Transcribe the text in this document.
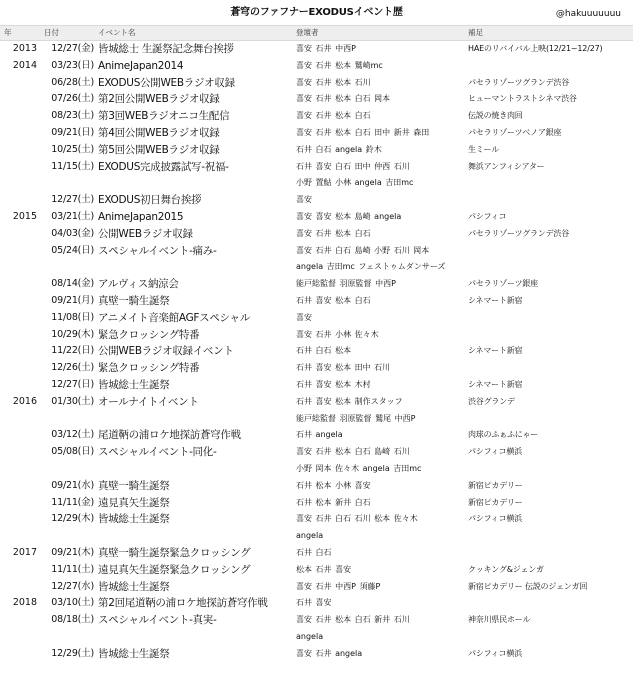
蒼穹のファフナーEXODUSイベント歴	@hakuuuuuuu
年	日付	イベント名	登壇者	補足
2013	12/27(金) 皆城総士 生誕祭記念舞台挨拶	喜安 石井 中西P	HAEのリバイバル上映(12/21~12/27)
2014	03/23(日) AnimeJapan2014	喜安 石井 松本 鷲崎mc
06/28(土) EXODUS公開WEBラジオ収録	喜安 石井 松本 石川	パセラリゾーツグランデ渋谷
07/26(土) 第2回公開WEBラジオ収録	喜安 石井 松本 白石 岡本	ヒューマントラストシネマ渋谷
08/23(土) 第3回WEBラジオニコ生配信	喜安 石井 松本 白石	伝説の焼き肉回
09/21(日) 第4回公開WEBラジオ収録	喜安 石井 松本 白石 田中 新井 森田	パセラリゾーツベノア銀座
10/25(土) 第5回公開WEBラジオ収録	石井 白石 angela 鈴木	生ミール
11/15(土) EXODUS完成披露試写-祝福-	石井 喜安 白石 田中 仲西 石川	舞浜アンフィシアター
小野 置鮎 小林 angela 吉田mc
12/27(土) EXODUS初日舞台挨拶	喜安
2015	03/21(土) AnimeJapan2015	喜安 喜安 松本 島崎 angela	パシフィコ
04/03(金) 公開WEBラジオ収録	喜安 石井 松本 白石	パセラリゾーツグランデ渋谷
05/24(日) スペシャルイベント-痛み-	喜安 石井 白石 島崎 小野 石川 岡本
angela 吉田mc フェストゥムダンサーズ
08/14(金) アルヴィス納涼会	能戸総監督 羽原監督 中西P	パセラリゾーツ銀座
09/21(月) 真壁一騎生誕祭	石井 喜安 松本 白石	シネマート新宿
11/08(日) アニメイト音楽館AGFスペシャル	喜安
10/29(木) 緊急クロッシング特番	喜安 石井 小林 佐々木
11/22(日) 公開WEBラジオ収録イベント	石井 白石 松本	シネマート新宿
12/26(土) 緊急クロッシング特番	石井 喜安 松本 田中 石川
12/27(日) 皆城総士生誕祭	石井 喜安 松本 木村	シネマート新宿
2016	01/30(土) オールナイトイベント	石井 喜安 松本 制作スタッフ	渋谷グランデ
能戸総監督 羽原監督 鷲尾 中西P
03/12(土) 尾道鞆の浦ロケ地探訪蒼穹作戦	石井 angela	肉球のふぁふにゃー
05/08(日) スペシャルイベント-同化-	喜安 石井 松本 白石 島崎 石川	パシフィコ横浜
小野 岡本 佐々木 angela 吉田mc
09/21(水) 真壁一騎生誕祭	石井 松本 小林 喜安	新宿ピカデリー
11/11(金) 遠見真矢生誕祭	石井 松本 新井 白石	新宿ピカデリー
12/29(木) 皆城総士生誕祭	喜安 石井 白石 石川 松本 佐々木	パシフィコ横浜
angela
2017	09/21(木) 真壁一騎生誕祭緊急クロッシング	石井 白石
11/11(土) 遠見真矢生誕祭緊急クロッシング	松本 石井 喜安	クッキング&ジェンガ
12/27(水) 皆城総士生誕祭	喜安 石井 中西P 須藤P	新宿ピカデリー 伝説のジェンガ回
2018	03/10(土) 第2回尾道鞆の浦ロケ地探訪蒼穹作戦	石井 喜安
08/18(土) スペシャルイベント-真実-	喜安 石井 松本 白石 新井 石川	神奈川県民ホール
angela
12/29(土) 皆城総士生誕祭	喜安 石井 angela	パシフィコ横浜
